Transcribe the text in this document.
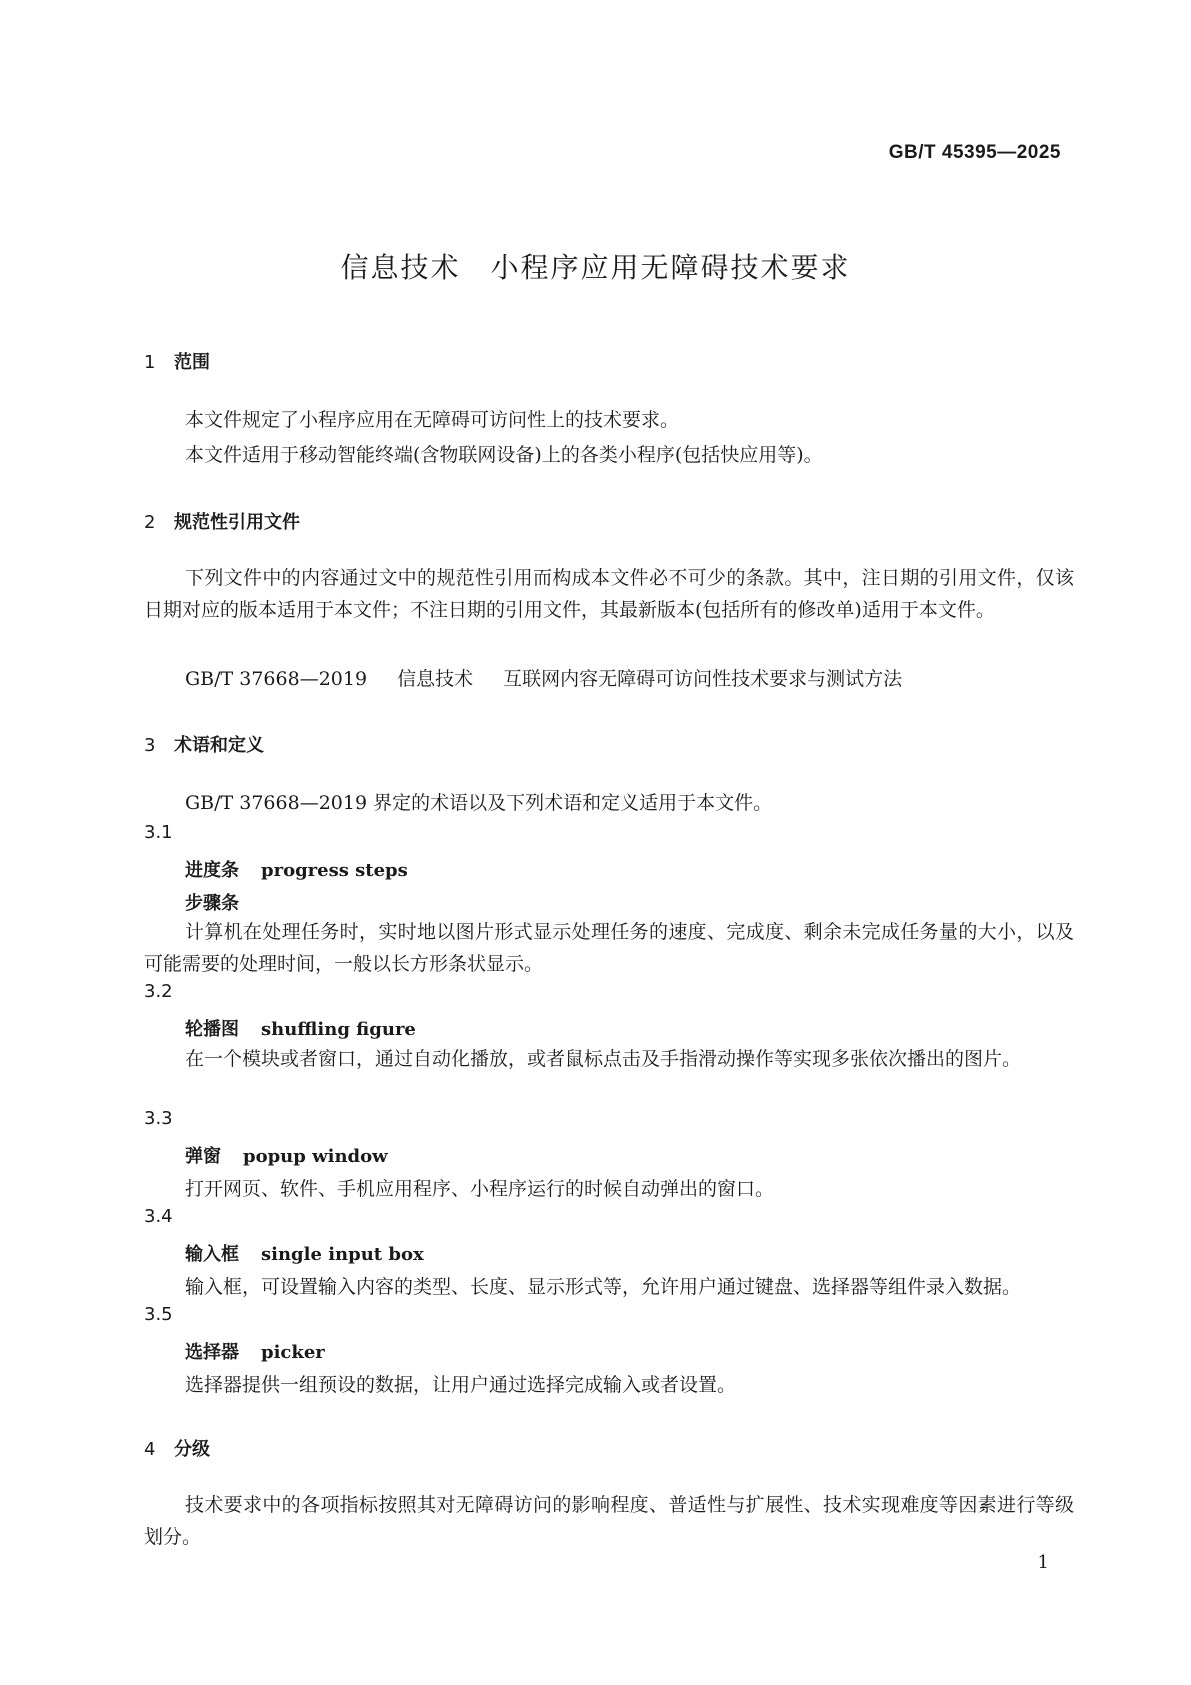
GB/T 45395—2025
信息技术　小程序应用无障碍技术要求
1 范围
本文件规定了小程序应用在无障碍可访问性上的技术要求。
本文件适用于移动智能终端(含物联网设备)上的各类小程序(包括快应用等)。
2 规范性引用文件
下列文件中的内容通过文中的规范性引用而构成本文件必不可少的条款。其中，注日期的引用文件，仅该日期对应的版本适用于本文件；不注日期的引用文件，其最新版本(包括所有的修改单)适用于本文件。
GB/T 37668—2019 信息技术 互联网内容无障碍可访问性技术要求与测试方法
3 术语和定义
GB/T 37668—2019 界定的术语以及下列术语和定义适用于本文件。
3.1
进度条 progress steps
步骤条
计算机在处理任务时，实时地以图片形式显示处理任务的速度、完成度、剩余未完成任务量的大小，以及可能需要的处理时间，一般以长方形条状显示。
3.2
轮播图 shuffling figure
在一个模块或者窗口，通过自动化播放，或者鼠标点击及手指滑动操作等实现多张依次播出的图片。
3.3
弹窗 popup window
打开网页、软件、手机应用程序、小程序运行的时候自动弹出的窗口。
3.4
输入框 single input box
输入框，可设置输入内容的类型、长度、显示形式等，允许用户通过键盘、选择器等组件录入数据。
3.5
选择器 picker
选择器提供一组预设的数据，让用户通过选择完成输入或者设置。
4 分级
技术要求中的各项指标按照其对无障碍访问的影响程度、普适性与扩展性、技术实现难度等因素进行等级划分。
1
